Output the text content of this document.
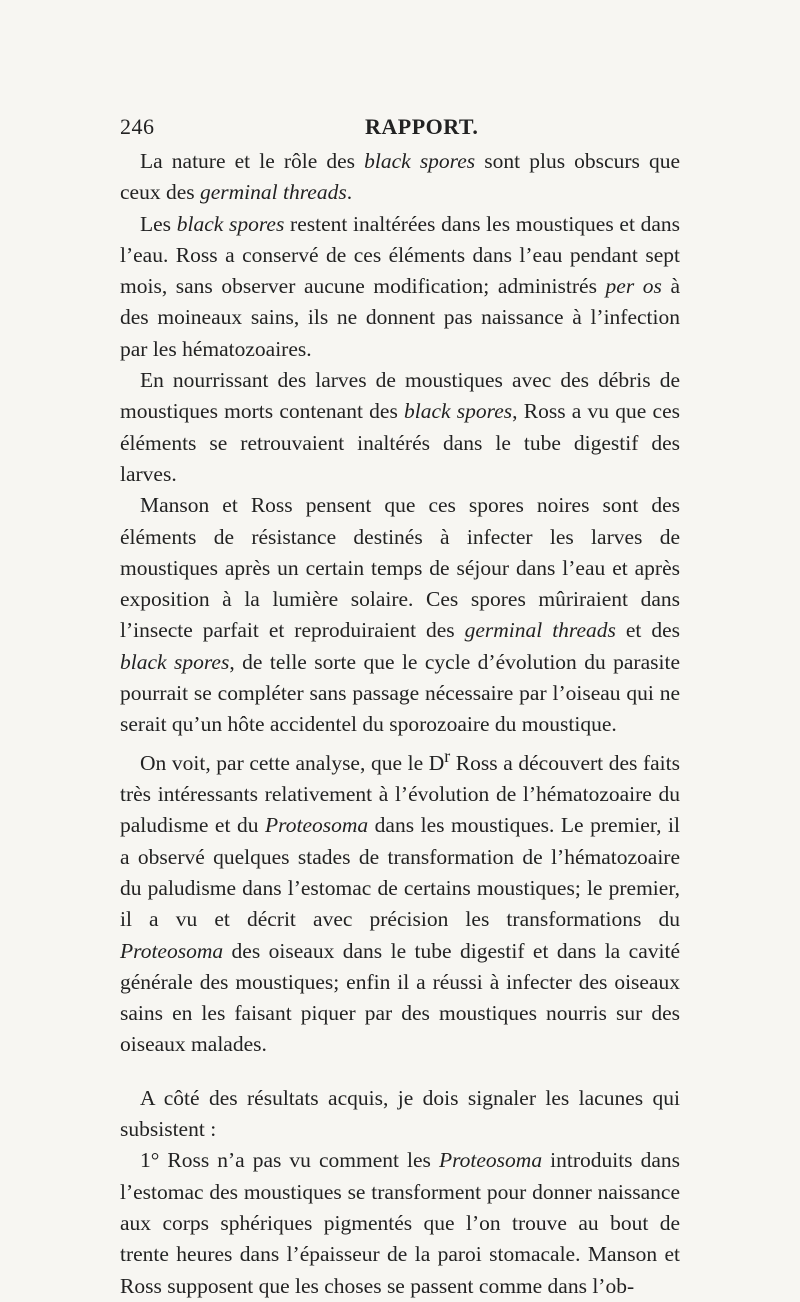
246	RAPPORT.

La nature et le rôle des black spores sont plus obscurs que ceux des germinal threads.

Les black spores restent inaltérées dans les moustiques et dans l’eau. Ross a conservé de ces éléments dans l’eau pendant sept mois, sans observer aucune modification; administrés per os à des moineaux sains, ils ne donnent pas naissance à l’infection par les hématozoaires.

En nourrissant des larves de moustiques avec des débris de moustiques morts contenant des black spores, Ross a vu que ces éléments se retrouvaient inaltérés dans le tube digestif des larves.

Manson et Ross pensent que ces spores noires sont des éléments de résistance destinés à infecter les larves de moustiques après un certain temps de séjour dans l’eau et après exposition à la lumière solaire. Ces spores mûriraient dans l’insecte parfait et reproduiraient des germinal threads et des black spores, de telle sorte que le cycle d’évolution du parasite pourrait se compléter sans passage nécessaire par l’oiseau qui ne serait qu’un hôte accidentel du sporozoaire du moustique.

On voit, par cette analyse, que le $D^r$ Ross a découvert des faits très intéressants relativement à l’évolution de l’hématozoaire du paludisme et du Proteosoma dans les moustiques. Le premier, il a observé quelques stades de transformation de l’hématozoaire du paludisme dans l’estomac de certains moustiques; le premier, il a vu et décrit avec précision les transformations du Proteosoma des oiseaux dans le tube digestif et dans la cavité générale des moustiques; enfin il a réussi à infecter des oiseaux sains en les faisant piquer par des moustiques nourris sur des oiseaux malades.

A côté des résultats acquis, je dois signaler les lacunes qui subsistent :

1° Ross n’a pas vu comment les Proteosoma introduits dans l’estomac des moustiques se transforment pour donner naissance aux corps sphériques pigmentés que l’on trouve au bout de trente heures dans l’épaisseur de la paroi stomacale. Manson et Ross supposent que les choses se passent comme dans l’ob-
